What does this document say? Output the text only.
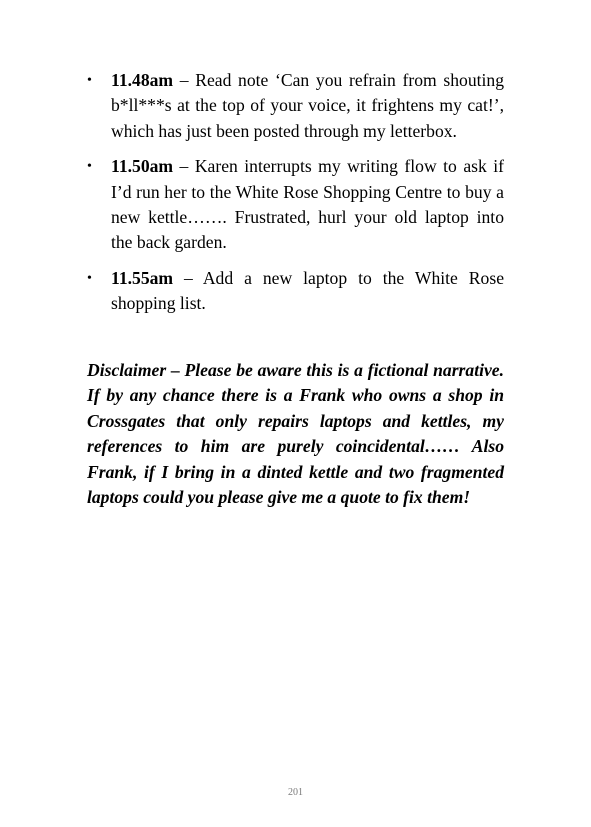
• 11.48am – Read note ‘Can you refrain from shouting b*ll***s at the top of your voice, it frightens my cat!’, which has just been posted through my letterbox.
• 11.50am – Karen interrupts my writing flow to ask if I’d run her to the White Rose Shopping Centre to buy a new kettle……. Frustrated, hurl your old laptop into the back garden.
• 11.55am – Add a new laptop to the White Rose shopping list.

Disclaimer – Please be aware this is a fictional narrative. If by any chance there is a Frank who owns a shop in Crossgates that only repairs laptops and kettles, my references to him are purely coincidental…… Also Frank, if I bring in a dinted kettle and two fragmented laptops could you please give me a quote to fix them!

201
